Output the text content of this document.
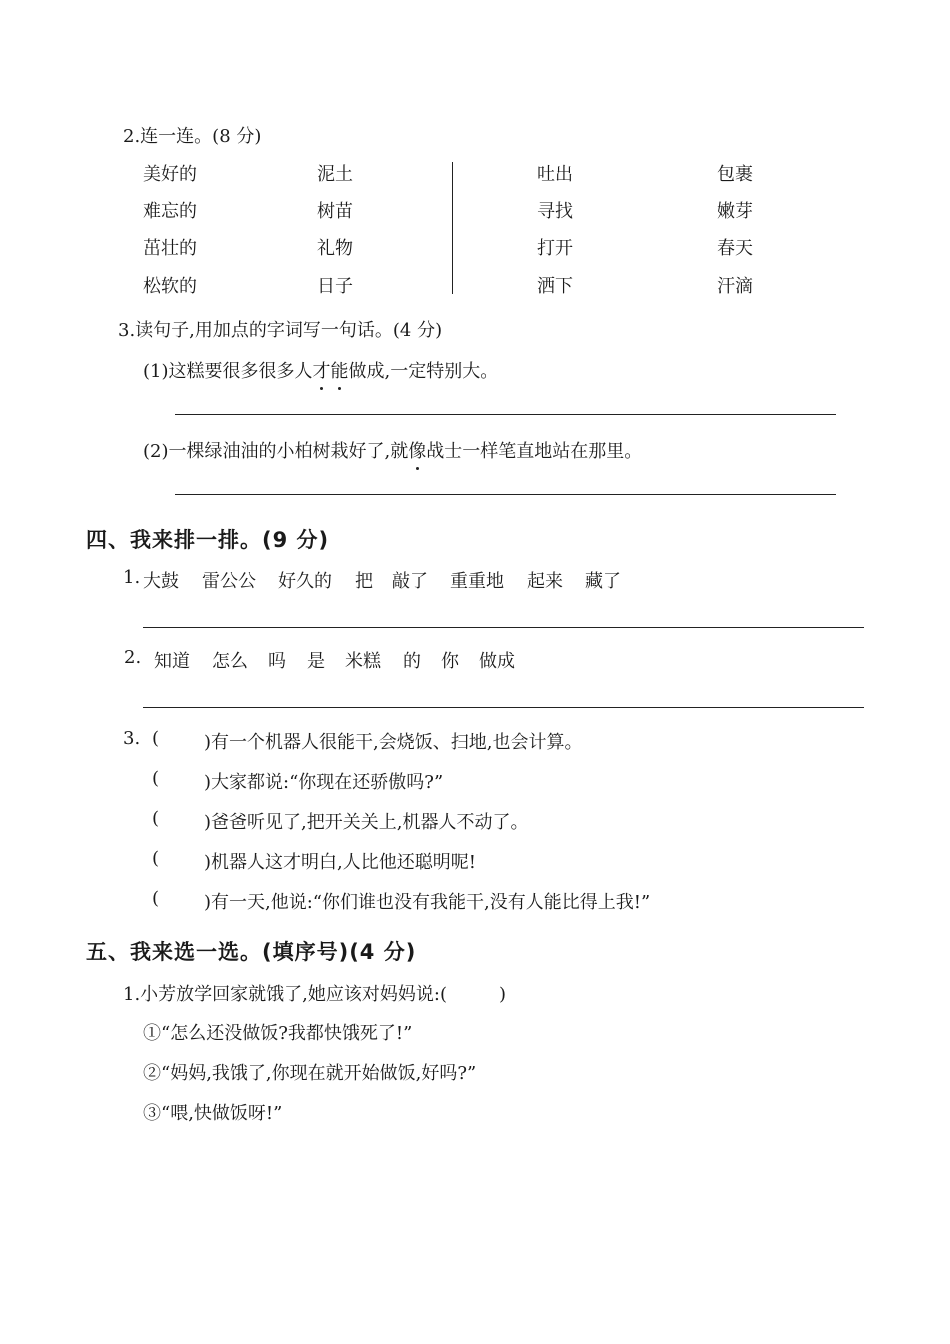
2.连一连。(8 分)
美好的
难忘的
茁壮的
松软的
泥土
树苗
礼物
日子
吐出
寻找
打开
洒下
包裹
嫩芽
春天
汗滴
3.读句子,用加点的字词写一句话。(4 分)
(1)这糕要很多很多人才能做成,一定特别大。
(2)一棵绿油油的小柏树栽好了,就像战士一样笔直地站在那里。
四、我来排一排。(9 分)
1. 大鼓 雷公公 好久的 把 敲了 重重地 起来 藏了
2. 知道 怎么 吗 是 米糕 的 你 做成
3. ( )有一个机器人很能干,会烧饭、扫地,也会计算。
( )大家都说:“你现在还骄傲吗?”
( )爸爸听见了,把开关关上,机器人不动了。
( )机器人这才明白,人比他还聪明呢!
( )有一天,他说:“你们谁也没有我能干,没有人能比得上我!”
五、我来选一选。(填序号)(4 分)
1.小芳放学回家就饿了,她应该对妈妈说:(	)
①“怎么还没做饭?我都快饿死了!”
②“妈妈,我饿了,你现在就开始做饭,好吗?”
③“喂,快做饭呀!”
